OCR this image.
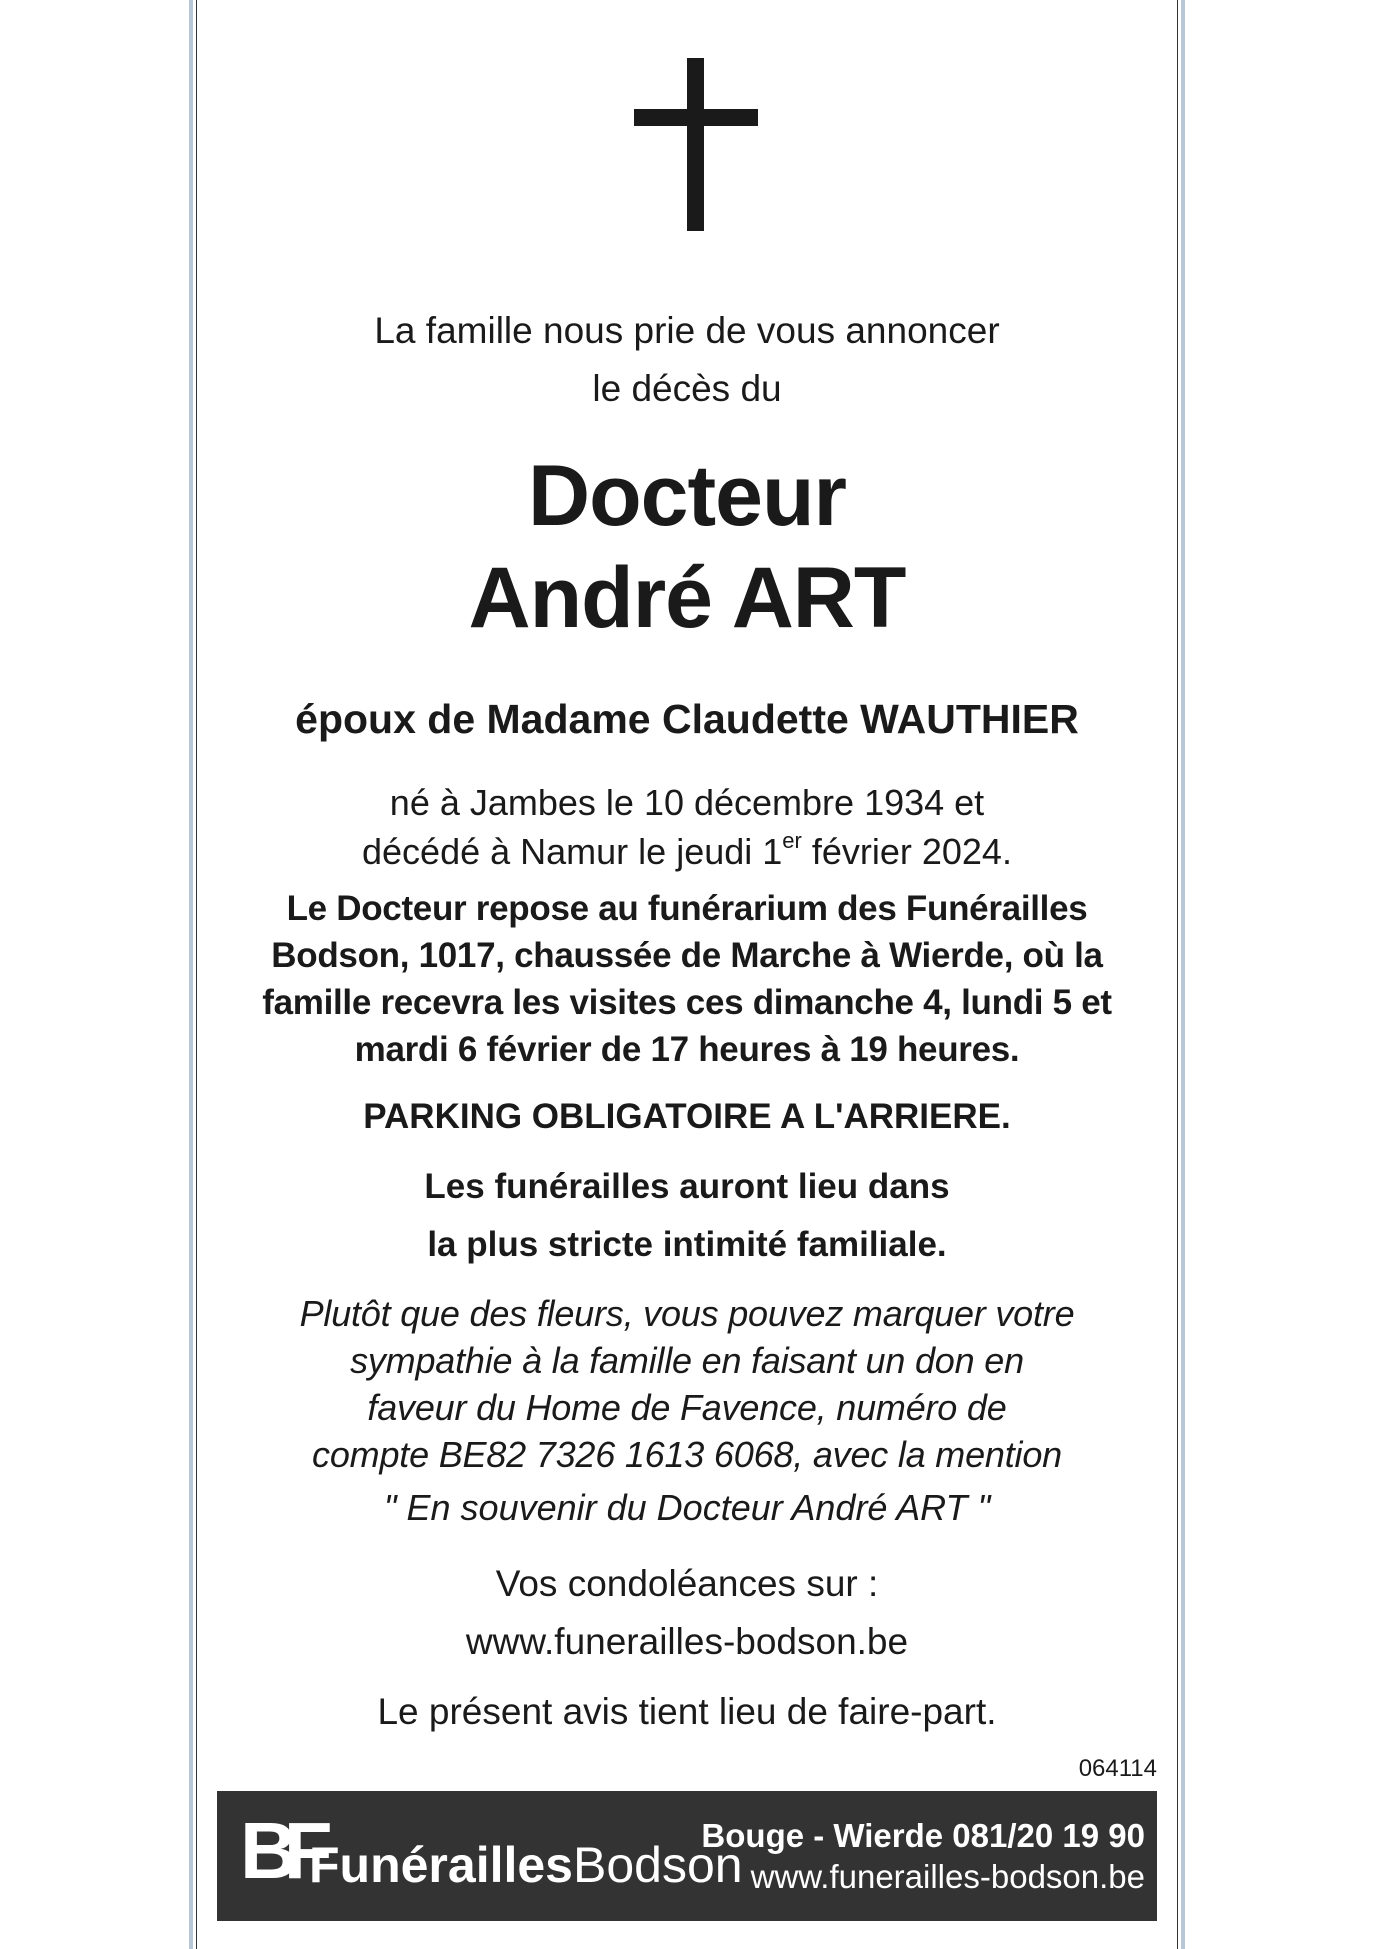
La famille nous prie de vous annoncer
le décès du
Docteur
André ART
époux de Madame Claudette WAUTHIER
né à Jambes le 10 décembre 1934 et
décédé à Namur le jeudi 1er février 2024.
Le Docteur repose au funérarium des Funérailles
Bodson, 1017, chaussée de Marche à Wierde, où la
famille recevra les visites ces dimanche 4, lundi 5 et
mardi 6 février de 17 heures à 19 heures.
PARKING OBLIGATOIRE A L'ARRIERE.
Les funérailles auront lieu dans
la plus stricte intimité familiale.
Plutôt que des fleurs, vous pouvez marquer votre
sympathie à la famille en faisant un don en
faveur du Home de Favence, numéro de
compte BE82 7326 1613 6068, avec la mention
" En souvenir du Docteur André ART "
Vos condoléances sur :
www.funerailles-bodson.be
Le présent avis tient lieu de faire-part.
064114
BF
FunéraillesBodson
Bouge - Wierde 081/20 19 90
www.funerailles-bodson.be
